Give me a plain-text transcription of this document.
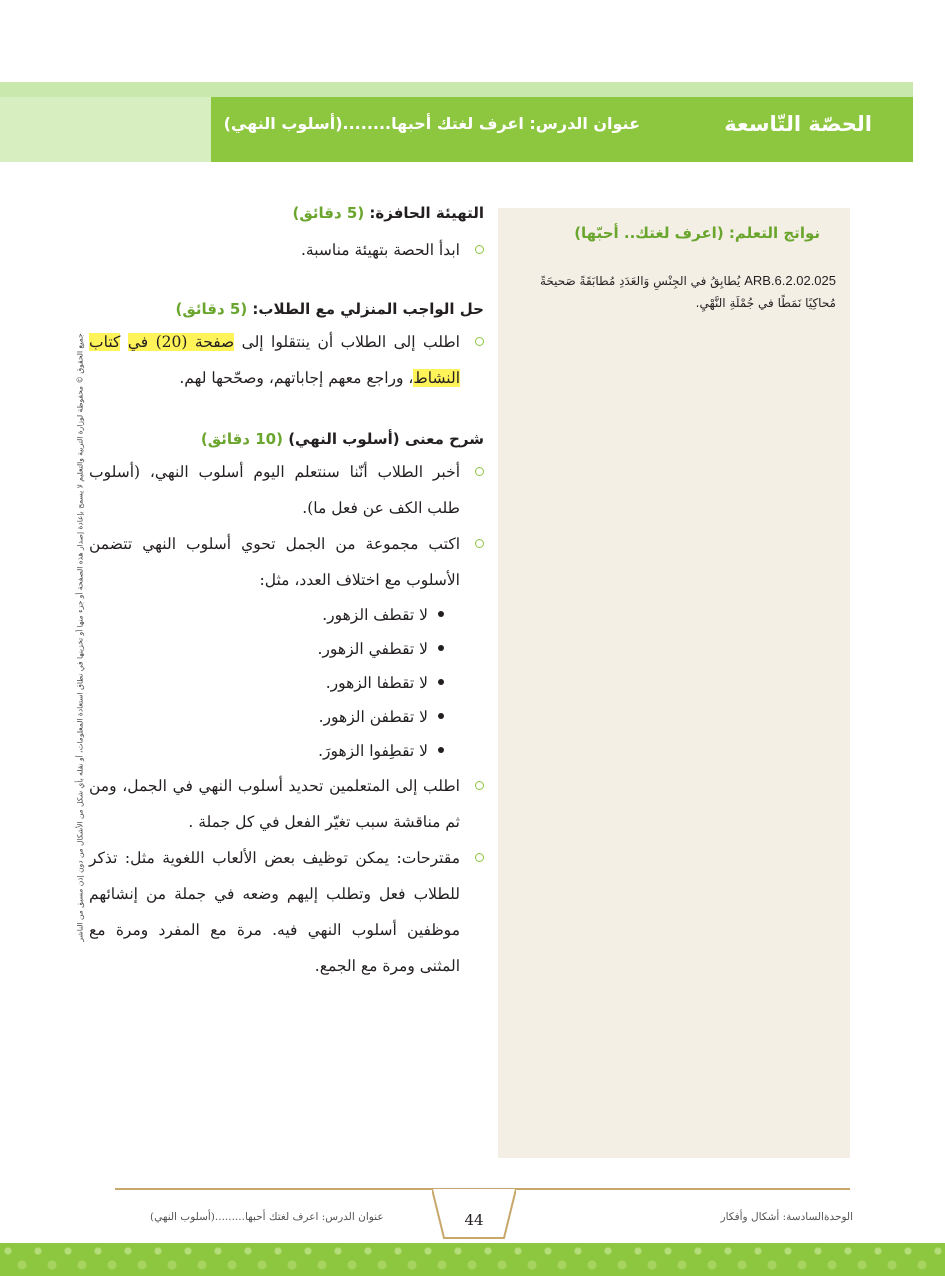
الحصّة التّاسعة
عنوان الدرس: اعرف لغتك أحبها........(أسلوب النهي)
جميع الحقوق © محفوظة لوزارة التربية والتعليم لا يسمح بإعادة إصدار هذه الصفحة أو جزء منها أو تخزينها في نطاق استعادة المعلومات، أو نقله بأي شكل من الأشكال من دون إذن مسبق من الناشر
نواتج التعلم: (اعرف لغتك.. أحبّها)
ARB.6.2.02.025 يُطابِقُ في الجِنْسِ وَالعَدَدِ مُطابَقَةً صَحيحَةً مُحاكِيًا نَمَطًا في جُمْلَةِ النَّهْيِ.

التهيئة الحافزة: (5 دقائق)

ابدأ الحصة بتهيئة مناسبة.

حل الواجب المنزلي مع الطلاب: (5 دقائق)

اطلب إلى الطلاب أن ينتقلوا إلى صفحة (20) في كتاب النشاط، وراجع معهم إجاباتهم، وصحّحها لهم.

شرح معنى (أسلوب النهي) (10 دقائق)

أخبر الطلاب أنّنا سنتعلم اليوم أسلوب النهي، (أسلوب طلب الكف عن فعل ما).
اكتب مجموعة من الجمل تحوي أسلوب النهي تتضمن الأسلوب مع اختلاف العدد، مثل:
لا تقطف الزهور.
لا تقطفي الزهور.
لا تقطفا الزهور.
لا تقطفن الزهور.
لا تقطِفوا الزهورَ.
اطلب إلى المتعلمين تحديد أسلوب النهي في الجمل، ومن ثم مناقشة سبب تغيّر الفعل في كل جملة .
مقترحات: يمكن توظيف بعض الألعاب اللغوية مثل: تذكر للطلاب فعل وتطلب إليهم وضعه في جملة من إنشائهم موظفين أسلوب النهي فيه. مرة مع المفرد ومرة مع المثنى ومرة مع الجمع.
44	الوحدةالسادسة: أشكال وأفكار
عنوان الدرس: اعرف لغتك أحبها.........(أسلوب النهي)
